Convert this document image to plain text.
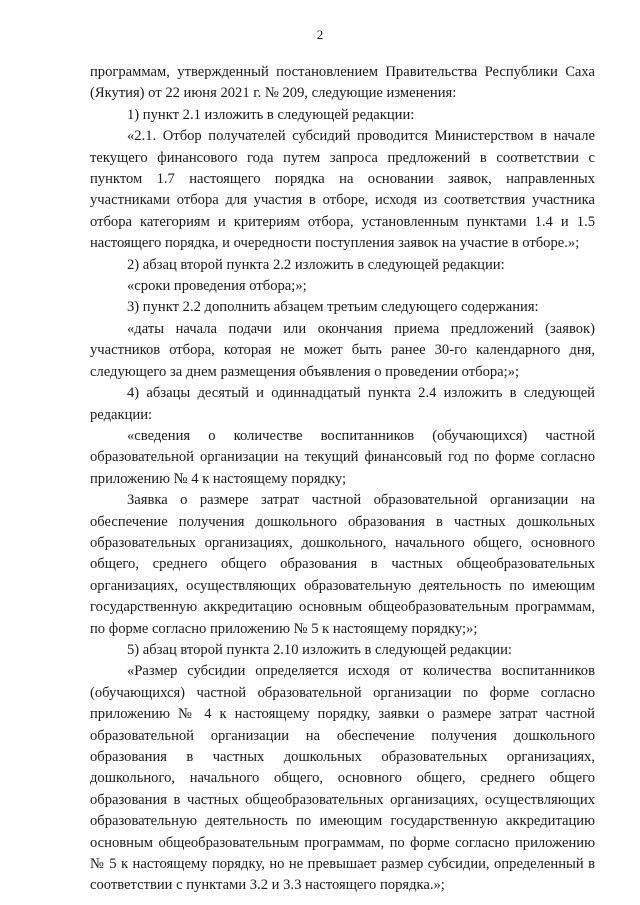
2

программам, утвержденный постановлением Правительства Республики Саха (Якутия) от 22 июня 2021 г. № 209, следующие изменения:

1) пункт 2.1 изложить в следующей редакции:

«2.1. Отбор получателей субсидий проводится Министерством в начале текущего финансового года путем запроса предложений в соответствии с пунктом 1.7 настоящего порядка на основании заявок, направленных участниками отбора для участия в отборе, исходя из соответствия участника отбора категориям и критериям отбора, установленным пунктами 1.4 и 1.5 настоящего порядка, и очередности поступления заявок на участие в отборе.»;

2) абзац второй пункта 2.2 изложить в следующей редакции:

«сроки проведения отбора;»;

3) пункт 2.2 дополнить абзацем третьим следующего содержания:

«даты начала подачи или окончания приема предложений (заявок) участников отбора, которая не может быть ранее 30-го календарного дня, следующего за днем размещения объявления о проведении отбора;»;

4) абзацы десятый и одиннадцатый пункта 2.4 изложить в следующей редакции:

«сведения о количестве воспитанников (обучающихся) частной образовательной организации на текущий финансовый год по форме согласно приложению № 4 к настоящему порядку;

Заявка о размере затрат частной образовательной организации на обеспечение получения дошкольного образования в частных дошкольных образовательных организациях, дошкольного, начального общего, основного общего, среднего общего образования в частных общеобразовательных организациях, осуществляющих образовательную деятельность по имеющим государственную аккредитацию основным общеобразовательным программам, по форме согласно приложению № 5 к настоящему порядку;»;

5) абзац второй пункта 2.10 изложить в следующей редакции:

«Размер субсидии определяется исходя от количества воспитанников (обучающихся) частной образовательной организации по форме согласно приложению № 4 к настоящему порядку, заявки о размере затрат частной образовательной организации на обеспечение получения дошкольного образования в частных дошкольных образовательных организациях, дошкольного, начального общего, основного общего, среднего общего образования в частных общеобразовательных организациях, осуществляющих образовательную деятельность по имеющим государственную аккредитацию основным общеобразовательным программам, по форме согласно приложению № 5 к настоящему порядку, но не превышает размер субсидии, определенный в соответствии с пунктами 3.2 и 3.3 настоящего порядка.»;
